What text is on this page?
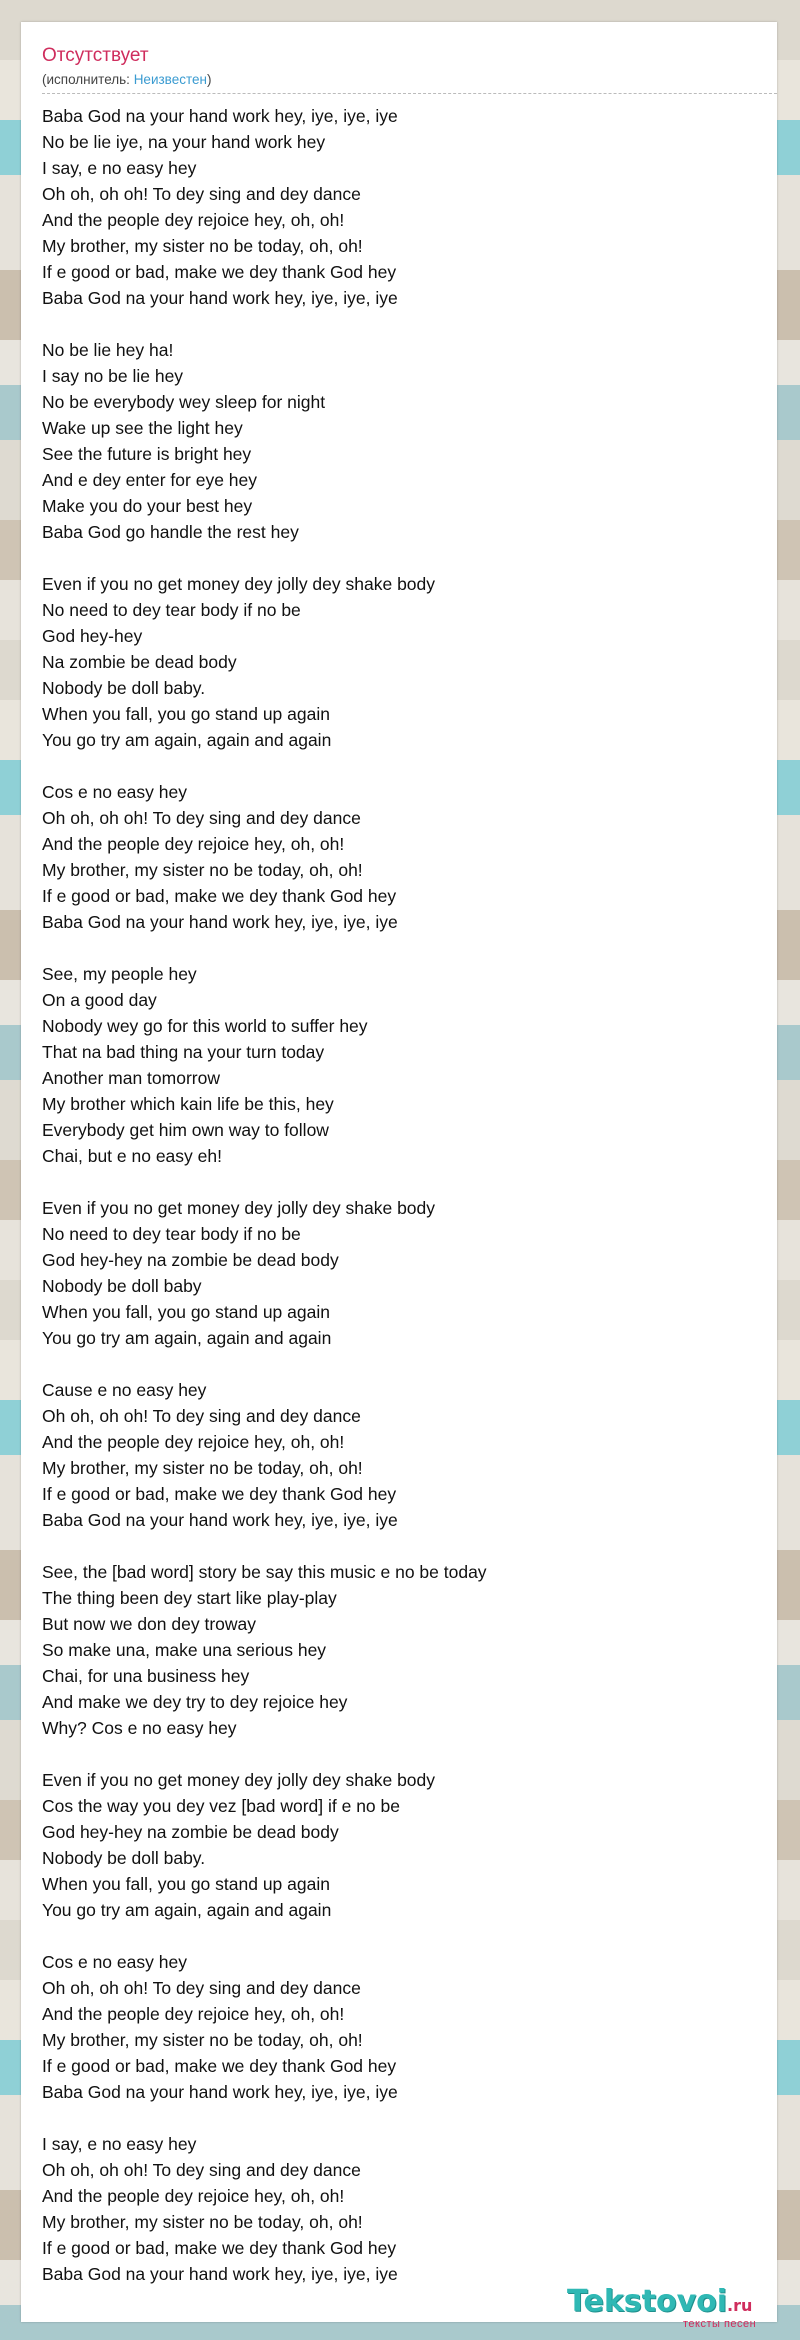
Отсутствует
(исполнитель: Неизвестен)
Baba God na your hand work hey, iye, iye, iye
No be lie iye, na your hand work hey
I say, e no easy hey
Oh oh, oh oh! To dey sing and dey dance
And the people dey rejoice hey, oh, oh!
My brother, my sister no be today, oh, oh!
If e good or bad, make we dey thank God hey
Baba God na your hand work hey, iye, iye, iye
No be lie hey ha!
I say no be lie hey
No be everybody wey sleep for night
Wake up see the light hey
See the future is bright hey
And e dey enter for eye hey
Make you do your best hey
Baba God go handle the rest hey
Even if you no get money dey jolly dey shake body
No need to dey tear body if no be
God hey-hey
Na zombie be dead body
Nobody be doll baby.
When you fall, you go stand up again
You go try am again, again and again
Cos e no easy hey
Oh oh, oh oh! To dey sing and dey dance
And the people dey rejoice hey, oh, oh!
My brother, my sister no be today, oh, oh!
If e good or bad, make we dey thank God hey
Baba God na your hand work hey, iye, iye, iye
See, my people hey
On a good day
Nobody wey go for this world to suffer hey
That na bad thing na your turn today
Another man tomorrow
My brother which kain life be this, hey
Everybody get him own way to follow
Chai, but e no easy eh!
Even if you no get money dey jolly dey shake body
No need to dey tear body if no be
God hey-hey na zombie be dead body
Nobody be doll baby
When you fall, you go stand up again
You go try am again, again and again
Cause e no easy hey
Oh oh, oh oh! To dey sing and dey dance
And the people dey rejoice hey, oh, oh!
My brother, my sister no be today, oh, oh!
If e good or bad, make we dey thank God hey
Baba God na your hand work hey, iye, iye, iye
See, the [bad word] story be say this music e no be today
The thing been dey start like play-play
But now we don dey troway
So make una, make una serious hey
Chai, for una business hey
And make we dey try to dey rejoice hey
Why? Cos e no easy hey
Even if you no get money dey jolly dey shake body
Cos the way you dey vez [bad word] if e no be
God hey-hey na zombie be dead body
Nobody be doll baby.
When you fall, you go stand up again
You go try am again, again and again
Cos e no easy hey
Oh oh, oh oh! To dey sing and dey dance
And the people dey rejoice hey, oh, oh!
My brother, my sister no be today, oh, oh!
If e good or bad, make we dey thank God hey
Baba God na your hand work hey, iye, iye, iye
I say, e no easy hey
Oh oh, oh oh! To dey sing and dey dance
And the people dey rejoice hey, oh, oh!
My brother, my sister no be today, oh, oh!
If e good or bad, make we dey thank God hey
Baba God na your hand work hey, iye, iye, iye
Tekstovoi.ru
тексты песен
